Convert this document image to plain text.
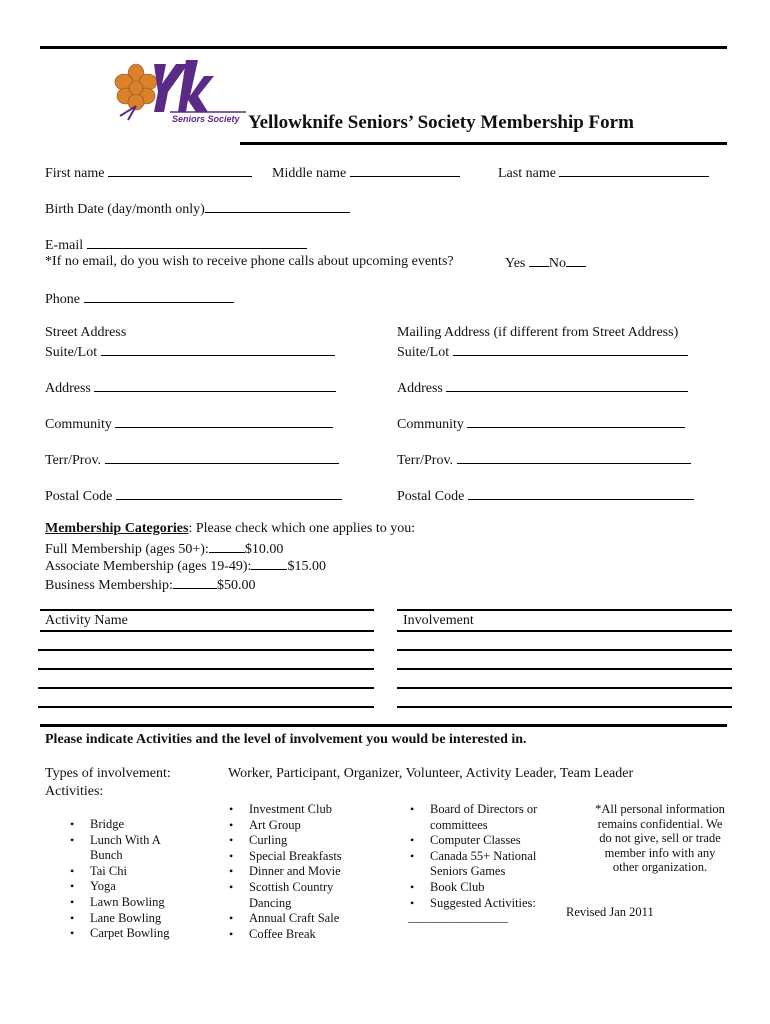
Seniors Society Yellowknife Seniors’ Society Membership Form
First name	Middle name	Last name
Birth Date (day/month only)
E-mail
*If no email, do you wish to receive phone calls about upcoming events?	Yes No
Phone
Street Address	Mailing Address (if different from Street Address)
Suite/Lot	Suite/Lot
Address	Address
Community	Community
Terr/Prov.	Terr/Prov.
Postal Code	Postal Code
Membership Categories: Please check which one applies to you:
Full Membership (ages 50+):	$10.00
Associate Membership (ages 19-49):	$15.00
Business Membership:	$50.00
Activity Name	Involvement
Please indicate Activities and the level of involvement you would be interested in.
Types of involvement:	Worker, Participant, Organizer, Volunteer, Activity Leader, Team Leader
Activities:
• Bridge
• Lunch With A
Bunch
• Tai Chi
• Yoga
• Lawn Bowling
• Lane Bowling
• Carpet Bowling
• Investment Club
• Art Group
• Curling
• Special Breakfasts
• Dinner and Movie
• Scottish Country
Dancing
• Annual Craft Sale
• Coffee Break
• Board of Directors or
committees
• Computer Classes
• Canada 55+ National
Seniors Games
• Book Club
• Suggested Activities:
________________
*All personal information
remains confidential. We
do not give, sell or trade
member info with any
other organization.
Revised Jan 2011
